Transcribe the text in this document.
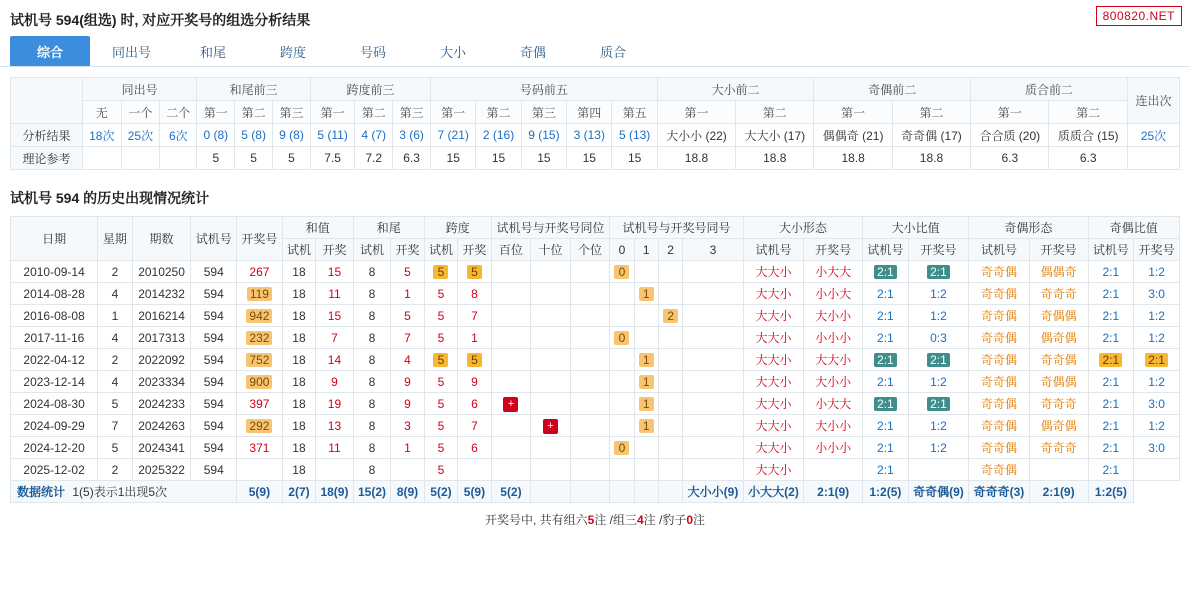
试机号 594(组选) 时, 对应开奖号的组选分析结果	800820.NET
综合	同出号	和尾	跨度	号码	大小	奇偶	质合
	同出号			和尾前三			跨度前三			号码前五					大小前二		奇偶前二		质合前二		连出次
	无	一个	二个	第一	第二	第三	第一	第二	第三	第一	第二	第三	第四	第五	第一	第二	第一	第二	第一	第二	
分析结果	18次	25次	6次	0 (8)	5 (8)	9 (8)	5 (11)	4 (7)	3 (6)	7 (21)	2 (16)	9 (15)	3 (13)	5 (13)	大小小 (22)	大大小 (17)	偶偶奇 (21)	奇奇偶 (17)	合合质 (20)	质质合 (15)	25次
理论参考				5	5	5	7.5	7.2	6.3	15	15	15	15	15	18.8	18.8	18.8	18.8	6.3	6.3	
试机号 594 的历史出现情况统计
日期	星期	期数	试机号	开奖号	和值		和尾		跨度		试机号与开奖号同位			试机号与开奖号同号				大小形态		大小比值		奇偶形态		奇偶比值	
					试机	开奖	试机	开奖	试机	开奖	百位	十位	个位	0	1	2	3	试机号	开奖号	试机号	开奖号	试机号	开奖号	试机号	开奖号
2010-09-14	2	2010250	594	267	18	15	8	5	5	5				0				大大小	小大大	2:1	2:1	奇奇偶	偶偶奇	2:1	1:2
2014-08-28	4	2014232	594	119	18	11	8	1	5	8					1			大大小	小小大	2:1	1:2	奇奇偶	奇奇奇	2:1	3:0
2016-08-08	1	2016214	594	942	18	15	8	5	5	7						2		大大小	大小小	2:1	1:2	奇奇偶	奇偶偶	2:1	1:2
2017-11-16	4	2017313	594	232	18	7	8	7	5	1				0				大大小	小小小	2:1	0:3	奇奇偶	偶奇偶	2:1	1:2
2022-04-12	2	2022092	594	752	18	14	8	4	5	5					1			大大小	大大小	2:1	2:1	奇奇偶	奇奇偶	2:1	2:1
2023-12-14	4	2023334	594	900	18	9	8	9	5	9					1			大大小	大小小	2:1	1:2	奇奇偶	奇偶偶	2:1	1:2
2024-08-30	5	2024233	594	397	18	19	8	9	5	6	+				1			大大小	小大大	2:1	2:1	奇奇偶	奇奇奇	2:1	3:0
2024-09-29	7	2024263	594	292	18	13	8	3	5	7		+			1			大大小	大小小	2:1	1:2	奇奇偶	偶奇偶	2:1	1:2
2024-12-20	5	2024341	594	371	18	11	8	1	5	6				0				大大小	小小小	2:1	1:2	奇奇偶	奇奇奇	2:1	3:0
2025-12-02	2	2025322	594		18		8		5									大大小		2:1		奇奇偶		2:1	
数据统计 1(5)表示1出现5次				5(9)	2(7)	18(9)	15(2)	8(9)	5(2)	5(9)	5(2)						大小小(9)	小大大(2)	2:1(9)	1:2(5)	奇奇偶(9)	奇奇奇(3)	2:1(9)	1:2(5)	
开奖号中, 共有组六5注 /组三4注 /豹子0注
